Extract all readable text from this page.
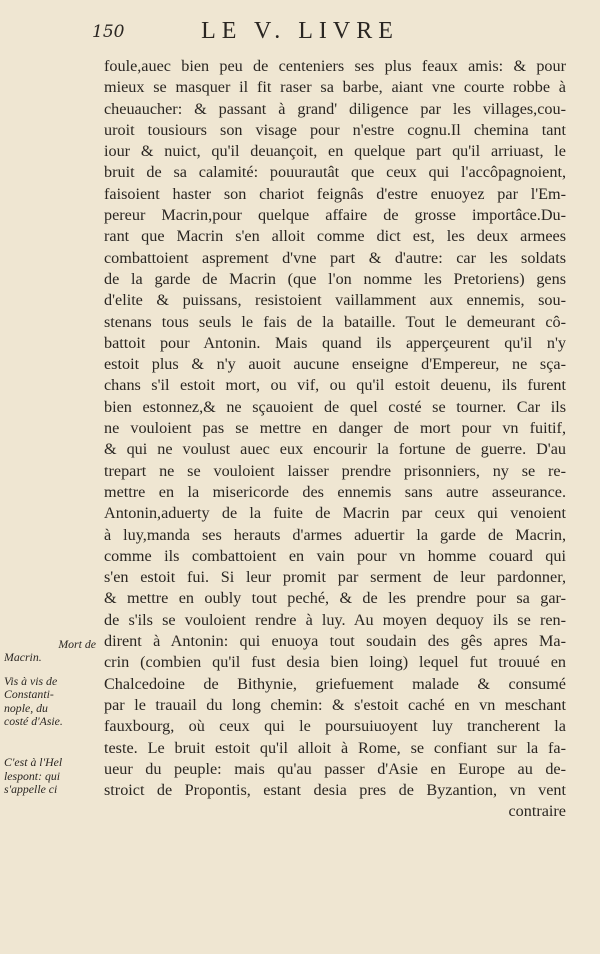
150	LE V. LIVRE
foule,auec bien peu de centeniers ses plus feaux amis: & pour
mieux se masquer il fit raser sa barbe, aiant vne courte robbe à
cheuaucher: & passant à grand' diligence par les villages,cou-
uroit tousiours son visage pour n'estre cognu.Il chemina tant
iour & nuict, qu'il deuançoit, en quelque part qu'il arriuast, le
bruit de sa calamité: pouurautât que ceux qui l'accôpagnoient,
faisoient haster son chariot feignâs d'estre enuoyez par l'Em-
pereur Macrin,pour quelque affaire de grosse importâce.Du-
rant que Macrin s'en alloit comme dict est, les deux armees
combattoient asprement d'vne part & d'autre: car les soldats
de la garde de Macrin (que l'on nomme les Pretoriens) gens
d'elite & puissans, resistoient vaillamment aux ennemis, sou-
stenans tous seuls le fais de la bataille. Tout le demeurant cô-
battoit pour Antonin. Mais quand ils apperçeurent qu'il n'y
estoit plus & n'y auoit aucune enseigne d'Empereur, ne sça-
chans s'il estoit mort, ou vif, ou qu'il estoit deuenu, ils furent
bien estonnez,& ne sçauoient de quel costé se tourner. Car ils
ne vouloient pas se mettre en danger de mort pour vn fuitif,
& qui ne voulust auec eux encourir la fortune de guerre. D'au
trepart ne se vouloient laisser prendre prisonniers, ny se re-
mettre en la misericorde des ennemis sans autre asseurance.
Antonin,aduerty de la fuite de Macrin par ceux qui venoient
à luy,manda ses herauts d'armes aduertir la garde de Macrin,
comme ils combattoient en vain pour vn homme couard qui
s'en estoit fui. Si leur promit par serment de leur pardonner,
& mettre en oubly tout peché, & de les prendre pour sa gar-
de s'ils se vouloient rendre à luy. Au moyen dequoy ils se ren-
dirent à Antonin: qui enuoya tout soudain des gês apres Ma-
crin (combien qu'il fust desia bien loing) lequel fut trouué en
Chalcedoine de Bithynie, griefuement malade & consumé
par le trauail du long chemin: & s'estoit caché en vn meschant
fauxbourg, où ceux qui le poursuiuoyent luy trancherent la
teste. Le bruit estoit qu'il alloit à Rome, se confiant sur la fa-
ueur du peuple: mais qu'au passer d'Asie en Europe au de-
stroict de Propontis, estant desia pres de Byzantion, vn vent
contraire
Mort de
Macrin.
Vis à vis de
Constanti-
nople, du
costé d'Asie.
C'est à l'Hel
lespont: qui
s'appelle ci
